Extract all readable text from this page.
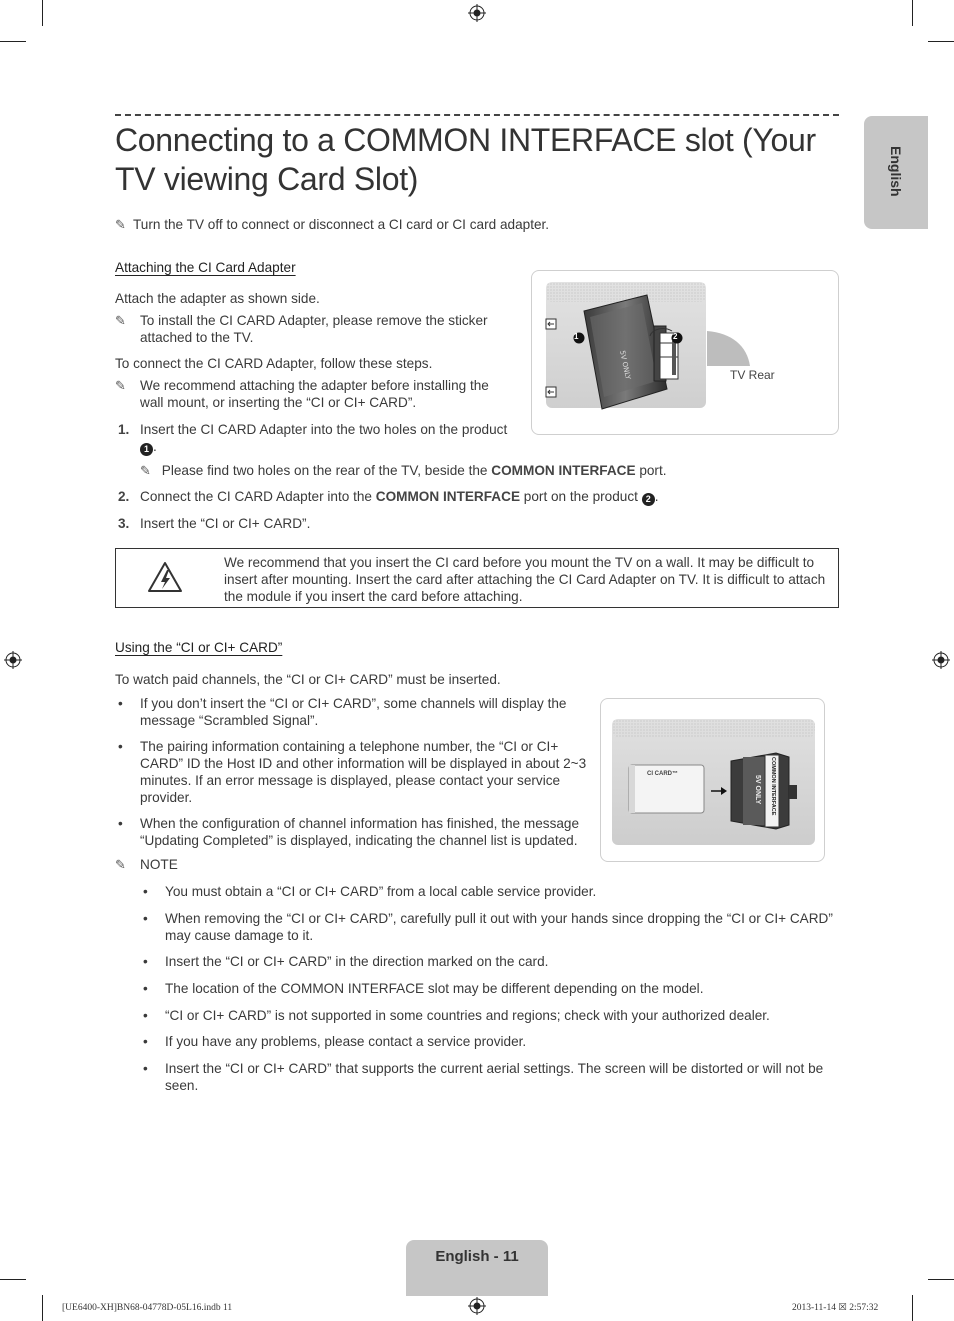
English
Connecting to a COMMON INTERFACE slot (Your TV viewing Card Slot)
✎ Turn the TV off to connect or disconnect a CI card or CI card adapter.
Attaching the CI Card Adapter
Attach the adapter as shown side.
✎	To install the CI CARD Adapter, please remove the sticker attached to the TV.
To connect the CI CARD Adapter, follow these steps.
✎	We recommend attaching the adapter before installing the wall mount, or inserting the “CI or CI+ CARD”.
1. Insert the CI CARD Adapter into the two holes on the product 1 .
✎ Please find two holes on the rear of the TV, beside the COMMON INTERFACE port.
2. Connect the CI CARD Adapter into the COMMON INTERFACE port on the product 2 .
3. Insert the “CI or CI+ CARD”.
5V ONLY
1	2
TV Rear
We recommend that you insert the CI card before you mount the TV on a wall. It may be difficult to insert after mounting. Insert the card after attaching the CI Card Adapter on TV. It is difficult to attach the module if you insert the card before attaching.
Using the “CI or CI+ CARD”
To watch paid channels, the “CI or CI+ CARD” must be inserted.
• If you don’t insert the “CI or CI+ CARD”, some channels will display the message “Scrambled Signal”.
• The pairing information containing a telephone number, the “CI or CI+ CARD” ID the Host ID and other information will be displayed in about 2~3 minutes. If an error message is displayed, please contact your service provider.
• When the configuration of channel information has finished, the message “Updating Completed” is displayed, indicating the channel list is updated.
✎ NOTE
• You must obtain a “CI or CI+ CARD” from a local cable service provider.
• When removing the “CI or CI+ CARD”, carefully pull it out with your hands since dropping the “CI or CI+ CARD” may cause damage to it.
• Insert the “CI or CI+ CARD” in the direction marked on the card.
• The location of the COMMON INTERFACE slot may be different depending on the model.
• “CI or CI+ CARD” is not supported in some countries and regions; check with your authorized dealer.
• If you have any problems, please contact a service provider.
• Insert the “CI or CI+ CARD” that supports the current aerial settings. The screen will be distorted or will not be seen.
CI CARD™	COMMON INTERFACE
5V ONLY
English - 11
[UE6400-XH]BN68-04778D-05L16.indb 11	2013-11-14 ☒ 2:57:32
